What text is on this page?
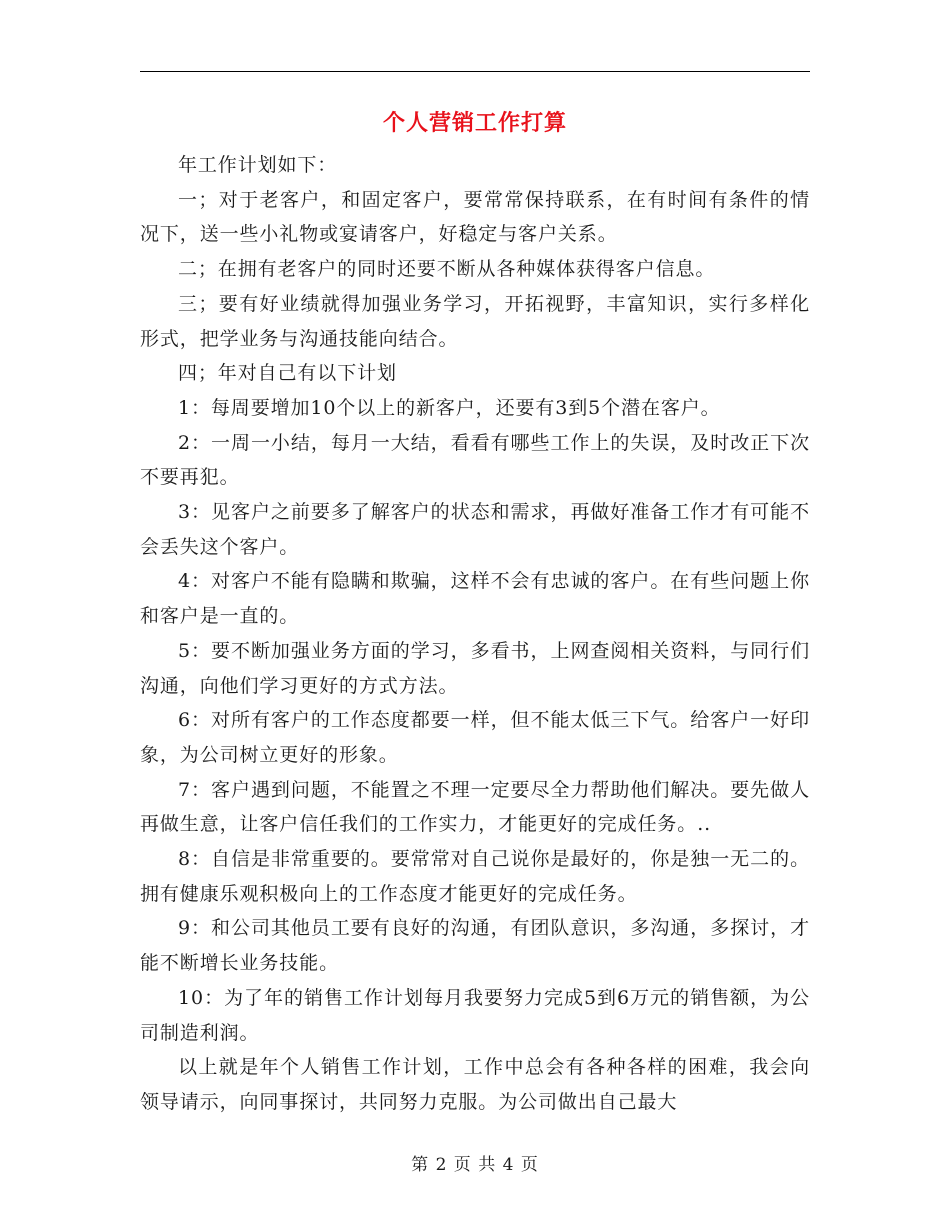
个人营销工作打算

年工作计划如下：

一；对于老客户，和固定客户，要常常保持联系，在有时间有条件的情况下，送一些小礼物或宴请客户，好稳定与客户关系。

二；在拥有老客户的同时还要不断从各种媒体获得客户信息。

三；要有好业绩就得加强业务学习，开拓视野，丰富知识，实行多样化形式，把学业务与沟通技能向结合。

四；年对自己有以下计划

1：每周要增加10个以上的新客户，还要有3到5个潜在客户。

2：一周一小结，每月一大结，看看有哪些工作上的失误，及时改正下次不要再犯。

3：见客户之前要多了解客户的状态和需求，再做好准备工作才有可能不会丢失这个客户。

4：对客户不能有隐瞒和欺骗，这样不会有忠诚的客户。在有些问题上你和客户是一直的。

5：要不断加强业务方面的学习，多看书，上网查阅相关资料，与同行们沟通，向他们学习更好的方式方法。

6：对所有客户的工作态度都要一样，但不能太低三下气。给客户一好印象，为公司树立更好的形象。

7：客户遇到问题，不能置之不理一定要尽全力帮助他们解决。要先做人再做生意，让客户信任我们的工作实力，才能更好的完成任务。..

8：自信是非常重要的。要常常对自己说你是最好的，你是独一无二的。拥有健康乐观积极向上的工作态度才能更好的完成任务。

9：和公司其他员工要有良好的沟通，有团队意识，多沟通，多探讨，才能不断增长业务技能。

10：为了年的销售工作计划每月我要努力完成5到6万元的销售额，为公司制造利润。

以上就是年个人销售工作计划，工作中总会有各种各样的困难，我会向领导请示，向同事探讨，共同努力克服。为公司做出自己最大

第 2 页 共 4 页
